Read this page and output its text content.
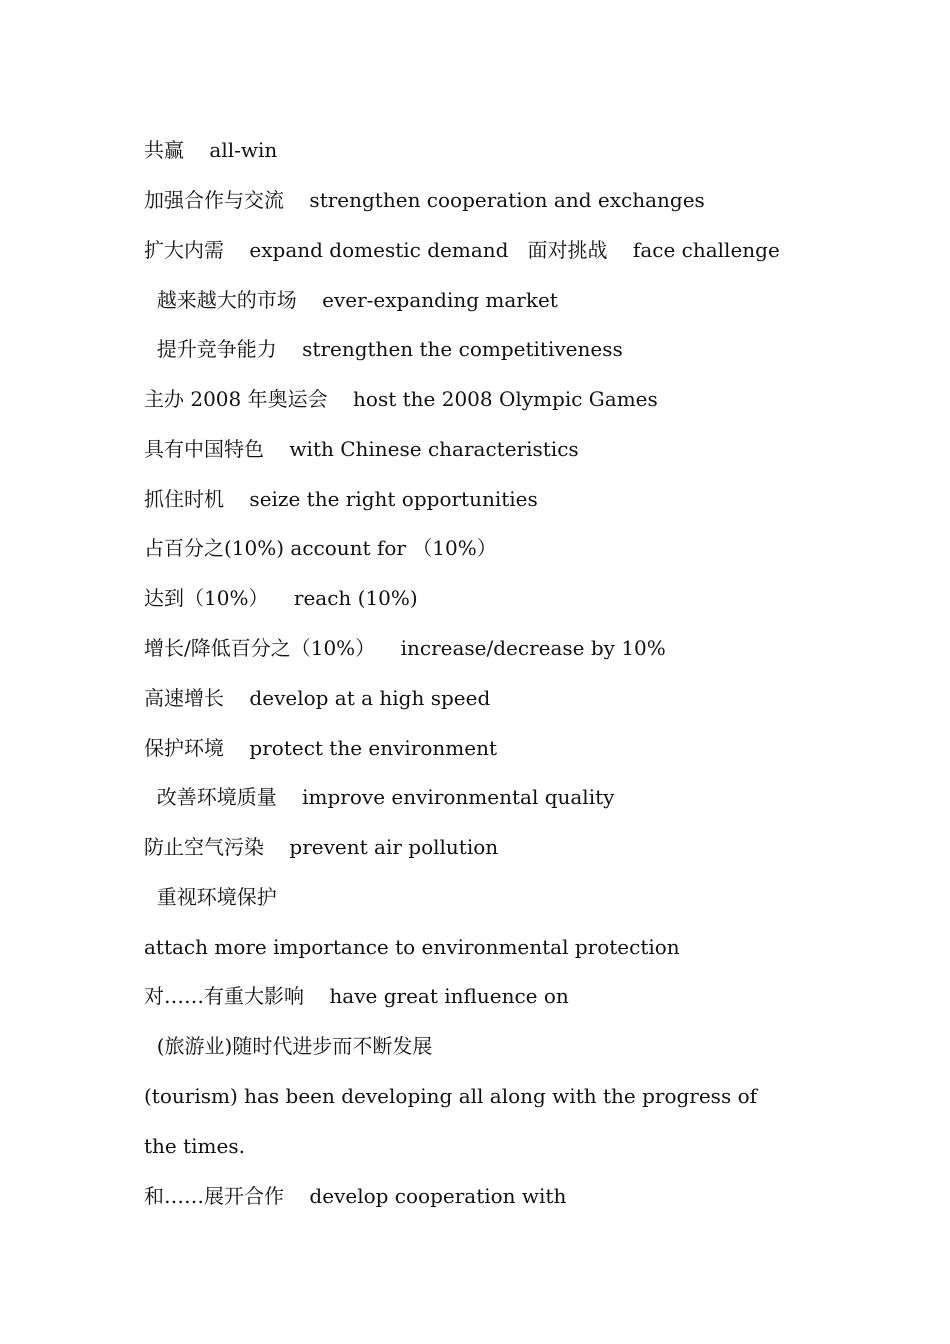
共赢    all-win
加强合作与交流    strengthen cooperation and exchanges
扩大内需    expand domestic demand   面对挑战    face challenge
越来越大的市场    ever-expanding market
提升竞争能力    strengthen the competitiveness
主办 2008 年奥运会    host the 2008 Olympic Games
具有中国特色    with Chinese characteristics
抓住时机    seize the right opportunities
占百分之(10%) account for （10%）
达到（10%）    reach (10%)
增长/降低百分之（10%）    increase/decrease by 10%
高速增长    develop at a high speed
保护环境    protect the environment
改善环境质量    improve environmental quality
防止空气污染    prevent air pollution
重视环境保护
attach more importance to environmental protection
对……有重大影响    have great influence on
(旅游业)随时代进步而不断发展
(tourism) has been developing all along with the progress of
the times.
和……展开合作    develop cooperation with
